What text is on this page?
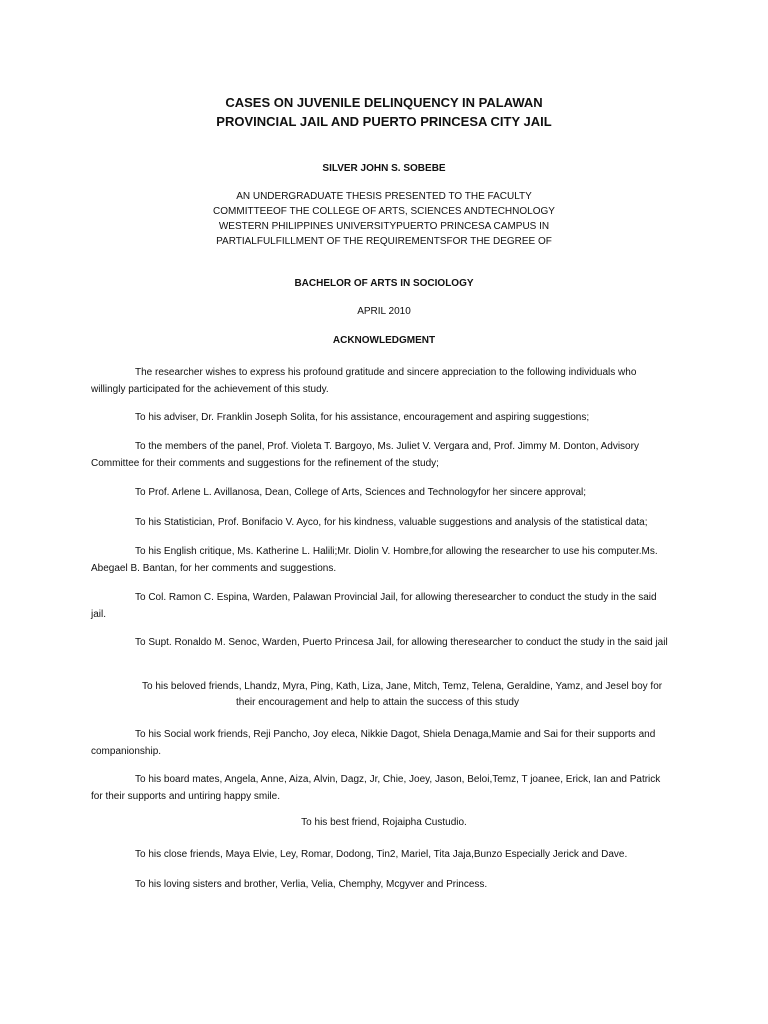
CASES ON JUVENILE DELINQUENCY IN PALAWAN
PROVINCIAL JAIL AND PUERTO PRINCESA CITY JAIL
SILVER JOHN S. SOBEBE
AN UNDERGRADUATE THESIS PRESENTED TO THE FACULTY
COMMITTEEOF THE COLLEGE OF ARTS, SCIENCES ANDTECHNOLOGY
WESTERN PHILIPPINES UNIVERSITYPUERTO PRINCESA CAMPUS IN
PARTIALFULFILLMENT OF THE REQUIREMENTSFOR THE DEGREE OF
BACHELOR OF ARTS IN SOCIOLOGY
APRIL 2010
ACKNOWLEDGMENT
The researcher wishes to express his profound gratitude and sincere appreciation to the following individuals who willingly participated for the achievement of this study.
To his adviser, Dr. Franklin Joseph Solita, for his assistance, encouragement and aspiring suggestions;
To the members of the panel, Prof. Violeta T. Bargoyo, Ms. Juliet V. Vergara and, Prof. Jimmy M. Donton, Advisory Committee for their comments and suggestions for the refinement of the study;
To Prof. Arlene L. Avillanosa, Dean, College of Arts, Sciences and Technologyfor her sincere approval;
To his Statistician, Prof. Bonifacio V. Ayco, for his kindness, valuable suggestions and analysis of the statistical data;
To his English critique, Ms. Katherine L. Halili;Mr. Diolin V. Hombre,for allowing the researcher to use his computer.Ms. Abegael B. Bantan, for her comments and suggestions.
To Col. Ramon C. Espina, Warden, Palawan Provincial Jail, for allowing theresearcher to conduct the study in the said jail.
To Supt. Ronaldo M. Senoc, Warden, Puerto Princesa Jail, for allowing theresearcher to conduct the study in the said jail
To his beloved friends, Lhandz, Myra, Ping, Kath, Liza, Jane, Mitch, Temz, Telena, Geraldine, Yamz, and Jesel boy for
their encouragement and help to attain the success of this study
To his Social work friends, Reji Pancho, Joy eleca, Nikkie Dagot, Shiela Denaga,Mamie and Sai for their supports and companionship.
To his board mates, Angela, Anne, Aiza, Alvin, Dagz, Jr, Chie, Joey, Jason, Beloi,Temz, T joanee, Erick, Ian and Patrick for their supports and untiring happy smile.
To his best friend, Rojaipha Custudio.
To his close friends, Maya Elvie, Ley, Romar, Dodong, Tin2, Mariel, Tita Jaja,Bunzo Especially Jerick and Dave.
To his loving sisters and brother, Verlia, Velia, Chemphy, Mcgyver and Princess.
